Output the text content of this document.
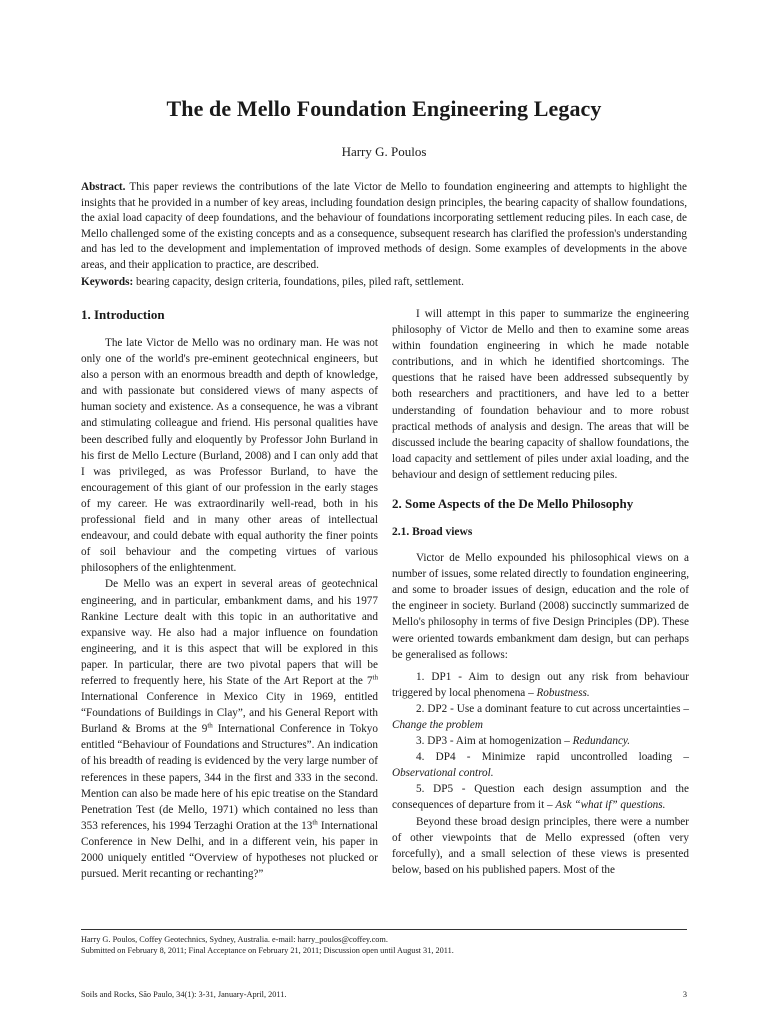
The de Mello Foundation Engineering Legacy
Harry G. Poulos
Abstract. This paper reviews the contributions of the late Victor de Mello to foundation engineering and attempts to highlight the insights that he provided in a number of key areas, including foundation design principles, the bearing capacity of shallow foundations, the axial load capacity of deep foundations, and the behaviour of foundations incorporating settlement reducing piles. In each case, de Mello challenged some of the existing concepts and as a consequence, subsequent research has clarified the profession's understanding and has led to the development and implementation of improved methods of design. Some examples of developments in the above areas, and their application to practice, are described.
Keywords: bearing capacity, design criteria, foundations, piles, piled raft, settlement.
1. Introduction

The late Victor de Mello was no ordinary man. He was not only one of the world's pre-eminent geotechnical engineers, but also a person with an enormous breadth and depth of knowledge, and with passionate but considered views of many aspects of human society and existence. As a consequence, he was a vibrant and stimulating colleague and friend. His personal qualities have been described fully and eloquently by Professor John Burland in his first de Mello Lecture (Burland, 2008) and I can only add that I was privileged, as was Professor Burland, to have the encouragement of this giant of our profession in the early stages of my career. He was extraordinarily well-read, both in his professional field and in many other areas of intellectual endeavour, and could debate with equal authority the finer points of soil behaviour and the competing virtues of various philosophers of the enlightenment.

De Mello was an expert in several areas of geotechnical engineering, and in particular, embankment dams, and his 1977 Rankine Lecture dealt with this topic in an authoritative and expansive way. He also had a major influence on foundation engineering, and it is this aspect that will be explored in this paper. In particular, there are two pivotal papers that will be referred to frequently here, his State of the Art Report at the 7th International Conference in Mexico City in 1969, entitled “Foundations of Buildings in Clay”, and his General Report with Burland & Broms at the 9th International Conference in Tokyo entitled “Behaviour of Foundations and Structures”. An indication of his breadth of reading is evidenced by the very large number of references in these papers, 344 in the first and 333 in the second. Mention can also be made here of his epic treatise on the Standard Penetration Test (de Mello, 1971) which contained no less than 353 references, his 1994 Terzaghi Oration at the 13th International Conference in New Delhi, and in a different vein, his paper in 2000 uniquely entitled “Overview of hypotheses not plucked or pursued. Merit recanting or rechanting?”

I will attempt in this paper to summarize the engineering philosophy of Victor de Mello and then to examine some areas within foundation engineering in which he made notable contributions, and in which he identified shortcomings. The questions that he raised have been addressed subsequently by both researchers and practitioners, and have led to a better understanding of foundation behaviour and to more robust practical methods of analysis and design. The areas that will be discussed include the bearing capacity of shallow foundations, the load capacity and settlement of piles under axial loading, and the behaviour and design of settlement reducing piles.

2. Some Aspects of the De Mello Philosophy
2.1. Broad views

Victor de Mello expounded his philosophical views on a number of issues, some related directly to foundation engineering, and some to broader issues of design, education and the role of the engineer in society. Burland (2008) succinctly summarized de Mello's philosophy in terms of five Design Principles (DP). These were oriented towards embankment dam design, but can perhaps be generalised as follows:

1. DP1 - Aim to design out any risk from behaviour triggered by local phenomena – Robustness.

2. DP2 - Use a dominant feature to cut across uncertainties – Change the problem

3. DP3 - Aim at homogenization – Redundancy.

4. DP4 - Minimize rapid uncontrolled loading – Observational control.

5. DP5 - Question each design assumption and the consequences of departure from it – Ask “what if” questions.

Beyond these broad design principles, there were a number of other viewpoints that de Mello expressed (often very forcefully), and a small selection of these views is presented below, based on his published papers. Most of the

Harry G. Poulos, Coffey Geotechnics, Sydney, Australia. e-mail: harry_poulos@coffey.com.
Submitted on February 8, 2011; Final Acceptance on February 21, 2011; Discussion open until August 31, 2011.
Soils and Rocks, São Paulo, 34(1): 3-31, January-April, 2011.	3
